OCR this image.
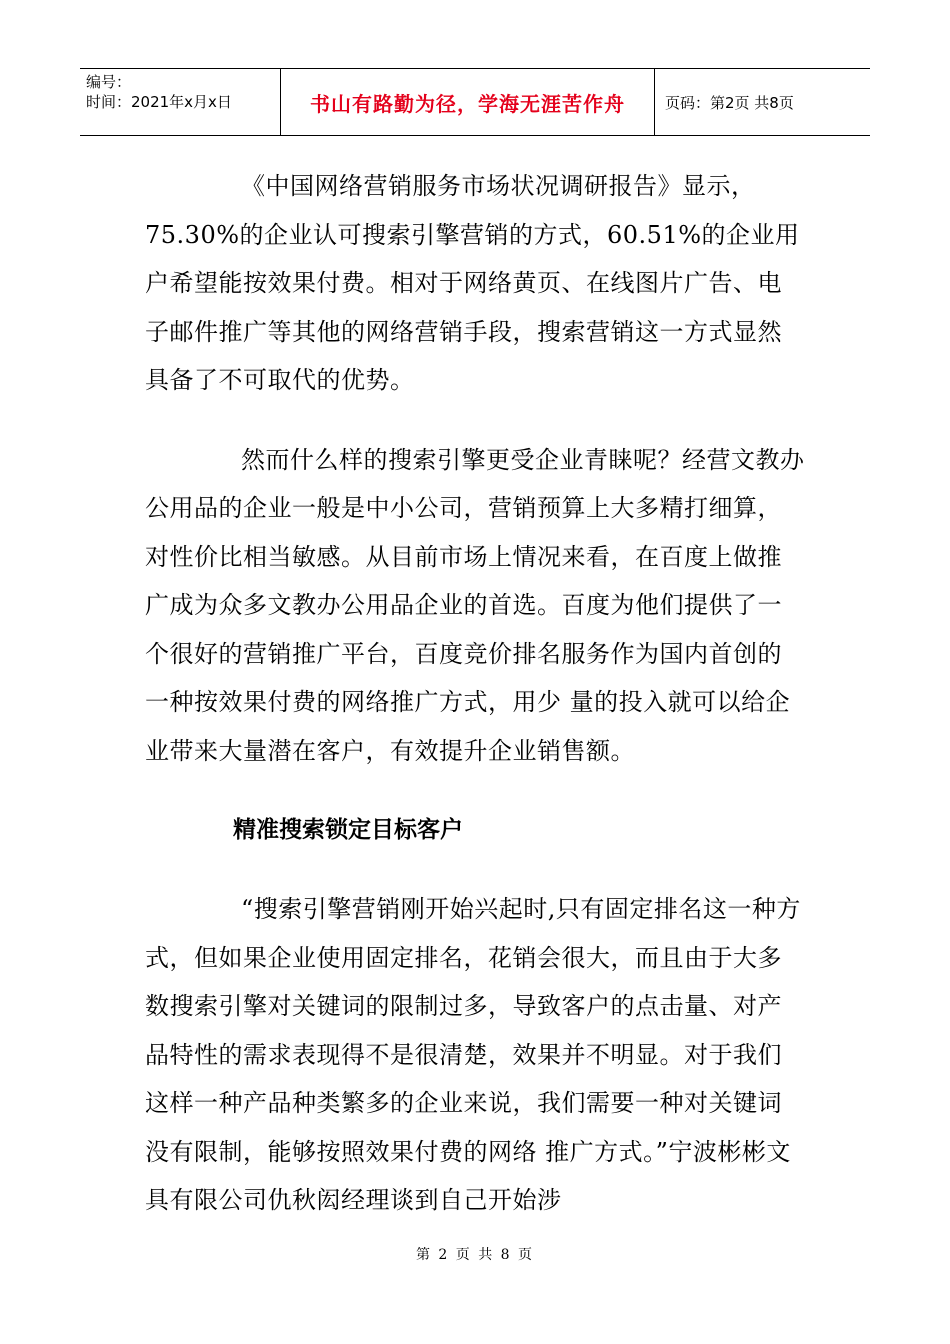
编号：
时间：2021年x月x日	书山有路勤为径，学海无涯苦作舟	页码：第2页 共8页

《中国网络营销服务市场状况调研报告》显示，75.30%的企业认可搜索引擎营销的方式，60.51%的企业用户希望能按效果付费。相对于网络黄页、在线图片广告、电子邮件推广等其他的网络营销手段，搜索营销这一方式显然具备了不可取代的优势。

然而什么样的搜索引擎更受企业青睐呢？经营文教办公用品的企业一般是中小公司，营销预算上大多精打细算，对性价比相当敏感。从目前市场上情况来看，在百度上做推广成为众多文教办公用品企业的首选。百度为他们提供了一个很好的营销推广平台，百度竞价排名服务作为国内首创的一种按效果付费的网络推广方式，用少 量的投入就可以给企业带来大量潜在客户，有效提升企业销售额。

精准搜索锁定目标客户

“搜索引擎营销刚开始兴起时,只有固定排名这一种方式，但如果企业使用固定排名，花销会很大，而且由于大多数搜索引擎对关键词的限制过多，导致客户的点击量、对产品特性的需求表现得不是很清楚，效果并不明显。对于我们这样一种产品种类繁多的企业来说，我们需要一种对关键词没有限制，能够按照效果付费的网络 推广方式。”宁波彬彬文具有限公司仇秋闳经理谈到自己开始涉

第 2 页 共 8 页
